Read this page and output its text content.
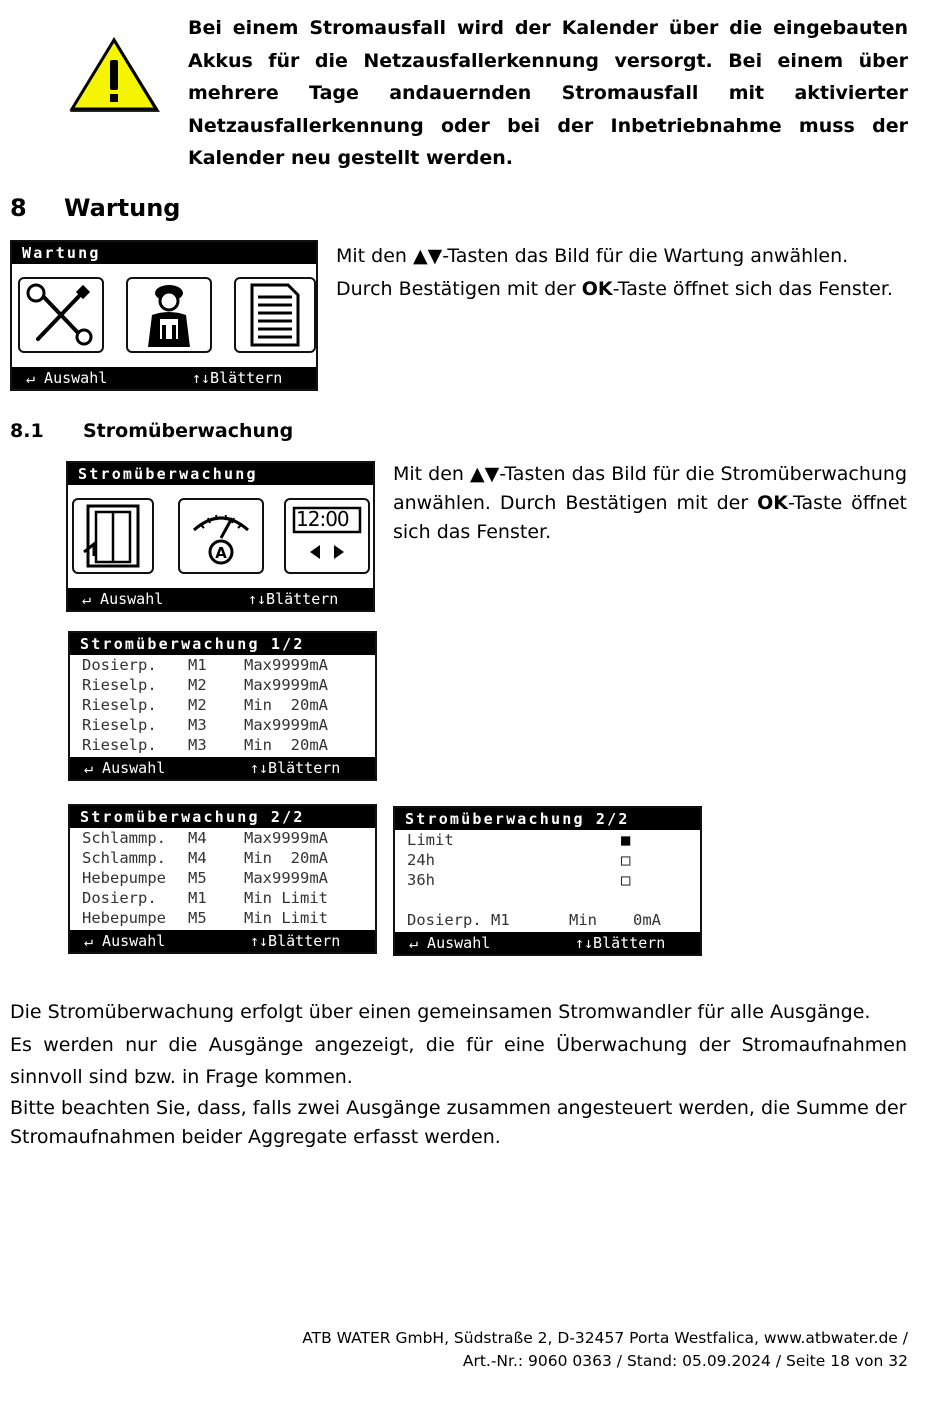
Bei einem Stromausfall wird der Kalender über die eingebauten Akkus für die Netzausfallerkennung versorgt. Bei einem über mehrere Tage andauernden Stromausfall mit aktivierter Netzausfallerkennung oder bei der Inbetriebnahme muss der Kalender neu gestellt werden.
8 Wartung
Wartung

↵ Auswahl

	↑↓Blättern

Mit den ▲▼-Tasten das Bild für die Wartung anwählen.
Durch Bestätigen mit der OK-Taste öffnet sich das Fenster.
8.1 Stromüberwachung
Stromüberwachung
A
12:00

↵ Auswahl

	↑↓Blättern

Mit den ▲▼-Tasten das Bild für die Stromüberwachung anwählen. Durch Bestätigen mit der OK-Taste öffnet sich das Fenster.
Stromüberwachung 1/2

Dosierp. M1 Max9999mA

Rieselp. M2 Max9999mA

Rieselp. M2 Min  20mA

Rieselp. M3 Max9999mA

Rieselp. M3 Min  20mA

↵ Auswahl

	↑↓Blättern

Stromüberwachung 2/2

Schlammp. M4 Max9999mA

Schlammp. M4 Min  20mA

Hebepumpe M5 Max9999mA

Dosierp. M1 Min Limit

Hebepumpe M5 Min Limit

↵ Auswahl

	↑↓Blättern

Stromüberwachung 2/2

Limit	■

24h	□

36h	□

Dosierp. M1	Min 0mA

↵ Auswahl

	↑↓Blättern

Die Stromüberwachung erfolgt über einen gemeinsamen Stromwandler für alle Ausgänge.
Es werden nur die Ausgänge angezeigt, die für eine Überwachung der Stromaufnahmen sinnvoll sind bzw. in Frage kommen.
Bitte beachten Sie, dass, falls zwei Ausgänge zusammen angesteuert werden, die Summe der Stromaufnahmen beider Aggregate erfasst werden.
ATB WATER GmbH, Südstraße 2, D-32457 Porta Westfalica, www.atbwater.de /
Art.-Nr.: 9060 0363 / Stand: 05.09.2024 / Seite 18 von 32
